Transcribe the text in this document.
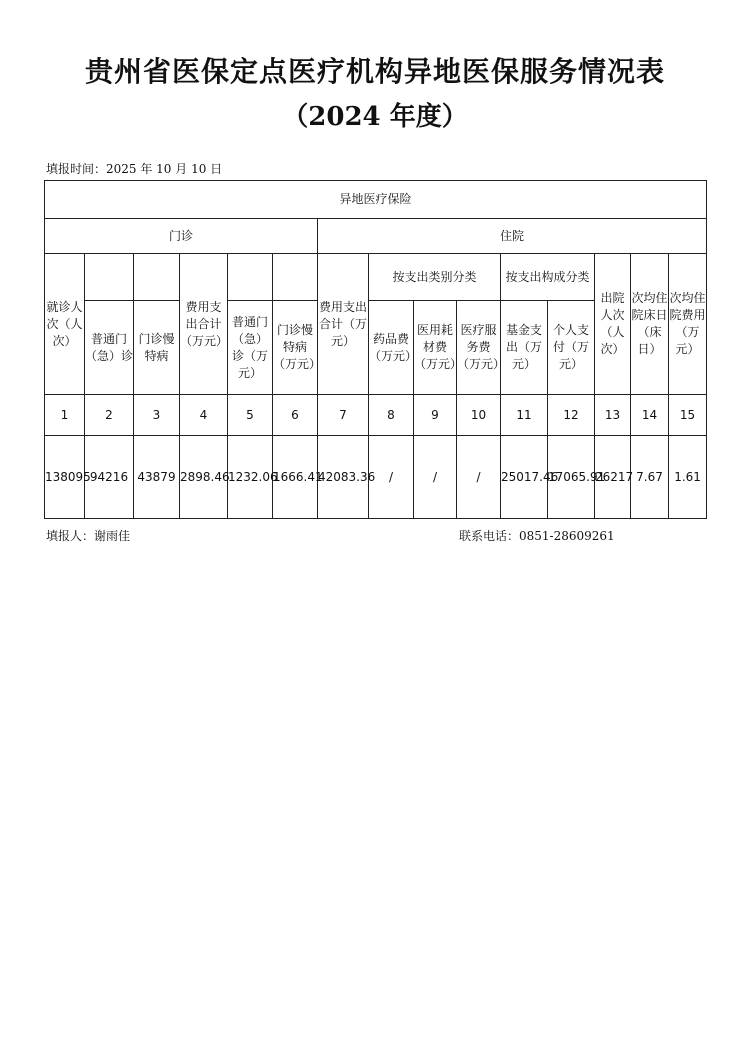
贵州省医保定点医疗机构异地医保服务情况表
（2024 年度）
填报时间：2025 年 10 月 10 日
异地医疗保险														
门诊						住院								
就诊人次（人次）			费用支出合计（万元）			费用支出合计（万元）	按支出类别分类			按支出构成分类		出院人次（人次）	次均住院床日（床日）	次均住院费用（万元）
	普通门（急）诊	门诊慢特病		普通门（急）诊（万元）	门诊慢特病（万元）		药品费（万元）	医用耗材费（万元）	医疗服务费（万元）	基金支出（万元）	个人支付（万元）			
1	2	3	4	5	6	7	8	9	10	11	12	13	14	15
138095	94216	43879	2898.46	1232.06	1666.41	42083.36	/	/	/	25017.46	17065.91	26217	7.67	1.61
填报人：谢雨佳	联系电话：0851-28609261
